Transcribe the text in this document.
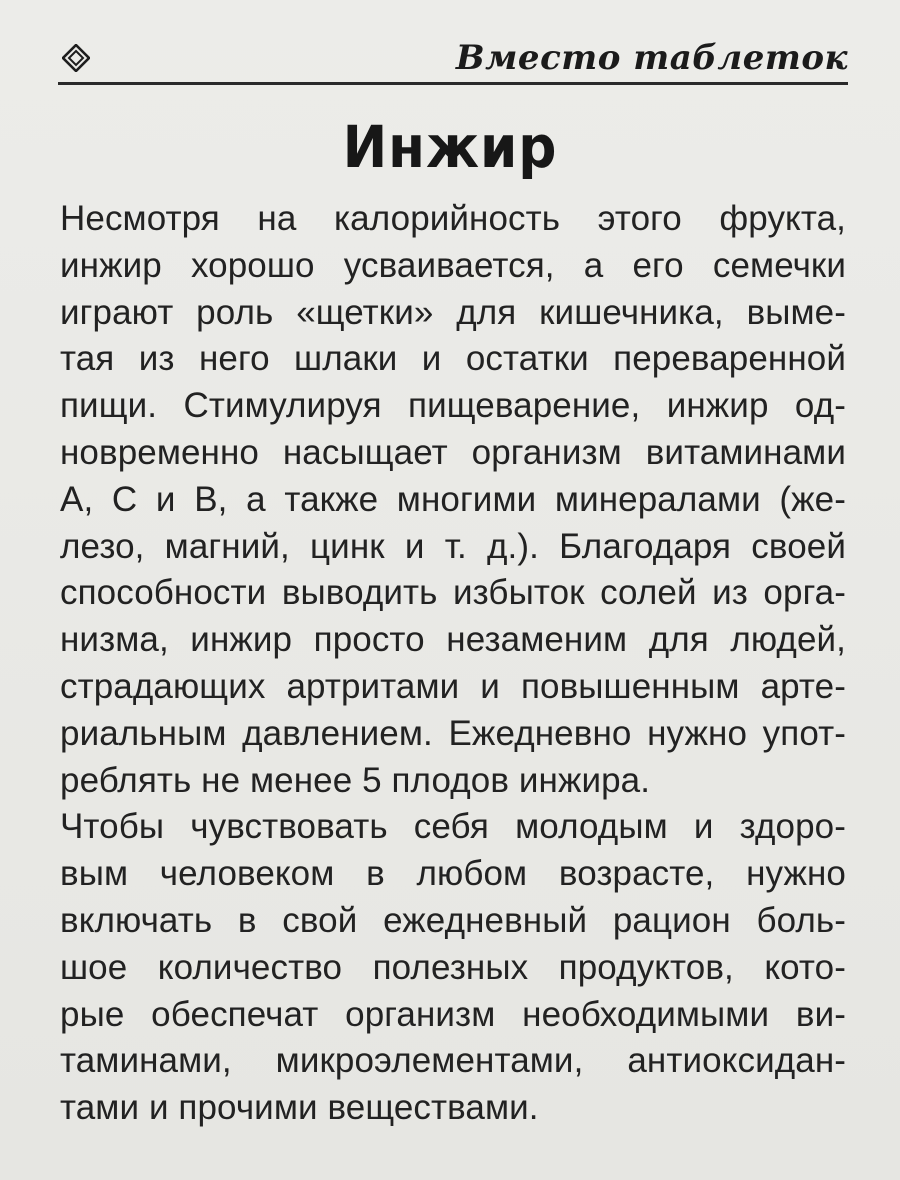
Вместо таблеток
Инжир
Несмотря на калорийность этого фрукта,
инжир хорошо усваивается, а его семечки
играют роль «щетки» для кишечника, выме-
тая из него шлаки и остатки переваренной
пищи. Стимулируя пищеварение, инжир од-
новременно насыщает организм витаминами
А, С и В, а также многими минералами (же-
лезо, магний, цинк и т. д.). Благодаря своей
способности выводить избыток солей из орга-
низма, инжир просто незаменим для людей,
страдающих артритами и повышенным арте-
риальным давлением. Ежедневно нужно упот-
реблять не менее 5 плодов инжира.
Чтобы чувствовать себя молодым и здоро-
вым человеком в любом возрасте, нужно
включать в свой ежедневный рацион боль-
шое количество полезных продуктов, кото-
рые обеспечат организм необходимыми ви-
таминами, микроэлементами, антиоксидан-
тами и прочими веществами.
